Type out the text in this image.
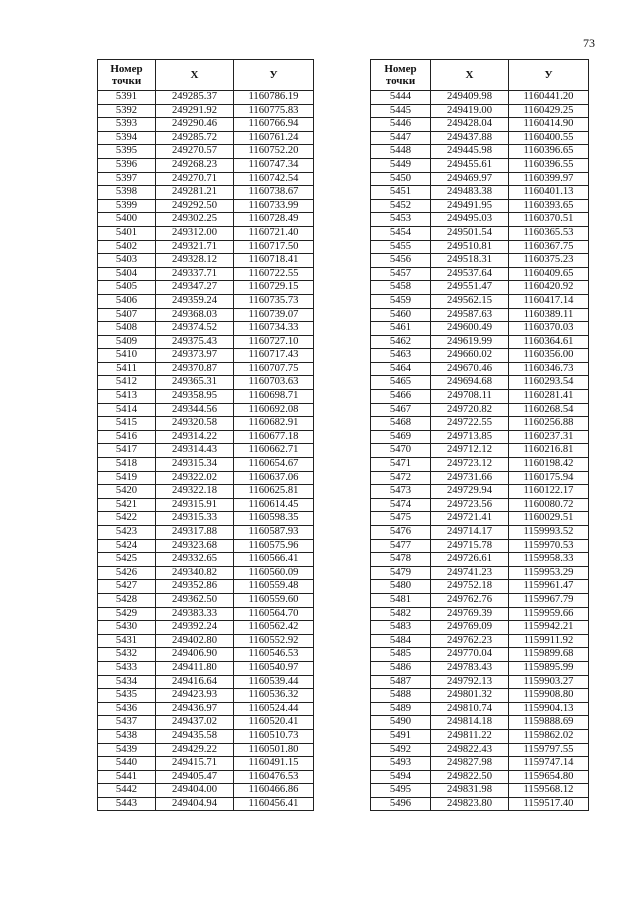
73
Номер
точки	Х	У
5391	249285.37	1160786.19
5392	249291.92	1160775.83
5393	249290.46	1160766.94
5394	249285.72	1160761.24
5395	249270.57	1160752.20
5396	249268.23	1160747.34
5397	249270.71	1160742.54
5398	249281.21	1160738.67
5399	249292.50	1160733.99
5400	249302.25	1160728.49
5401	249312.00	1160721.40
5402	249321.71	1160717.50
5403	249328.12	1160718.41
5404	249337.71	1160722.55
5405	249347.27	1160729.15
5406	249359.24	1160735.73
5407	249368.03	1160739.07
5408	249374.52	1160734.33
5409	249375.43	1160727.10
5410	249373.97	1160717.43
5411	249370.87	1160707.75
5412	249365.31	1160703.63
5413	249358.95	1160698.71
5414	249344.56	1160692.08
5415	249320.58	1160682.91
5416	249314.22	1160677.18
5417	249314.43	1160662.71
5418	249315.34	1160654.67
5419	249322.02	1160637.06
5420	249322.18	1160625.81
5421	249315.91	1160614.45
5422	249315.33	1160598.35
5423	249317.88	1160587.93
5424	249323.68	1160575.96
5425	249332.65	1160566.41
5426	249340.82	1160560.09
5427	249352.86	1160559.48
5428	249362.50	1160559.60
5429	249383.33	1160564.70
5430	249392.24	1160562.42
5431	249402.80	1160552.92
5432	249406.90	1160546.53
5433	249411.80	1160540.97
5434	249416.64	1160539.44
5435	249423.93	1160536.32
5436	249436.97	1160524.44
5437	249437.02	1160520.41
5438	249435.58	1160510.73
5439	249429.22	1160501.80
5440	249415.71	1160491.15
5441	249405.47	1160476.53
5442	249404.00	1160466.86
5443	249404.94	1160456.41
Номер
точки	Х	У
5444	249409.98	1160441.20
5445	249419.00	1160429.25
5446	249428.04	1160414.90
5447	249437.88	1160400.55
5448	249445.98	1160396.65
5449	249455.61	1160396.55
5450	249469.97	1160399.97
5451	249483.38	1160401.13
5452	249491.95	1160393.65
5453	249495.03	1160370.51
5454	249501.54	1160365.53
5455	249510.81	1160367.75
5456	249518.31	1160375.23
5457	249537.64	1160409.65
5458	249551.47	1160420.92
5459	249562.15	1160417.14
5460	249587.63	1160389.11
5461	249600.49	1160370.03
5462	249619.99	1160364.61
5463	249660.02	1160356.00
5464	249670.46	1160346.73
5465	249694.68	1160293.54
5466	249708.11	1160281.41
5467	249720.82	1160268.54
5468	249722.55	1160256.88
5469	249713.85	1160237.31
5470	249712.12	1160216.81
5471	249723.12	1160198.42
5472	249731.66	1160175.94
5473	249729.94	1160122.17
5474	249723.56	1160080.72
5475	249721.41	1160029.51
5476	249714.17	1159993.52
5477	249715.78	1159970.53
5478	249726.61	1159958.33
5479	249741.23	1159953.29
5480	249752.18	1159961.47
5481	249762.76	1159967.79
5482	249769.39	1159959.66
5483	249769.09	1159942.21
5484	249762.23	1159911.92
5485	249770.04	1159899.68
5486	249783.43	1159895.99
5487	249792.13	1159903.27
5488	249801.32	1159908.80
5489	249810.74	1159904.13
5490	249814.18	1159888.69
5491	249811.22	1159862.02
5492	249822.43	1159797.55
5493	249827.98	1159747.14
5494	249822.50	1159654.80
5495	249831.98	1159568.12
5496	249823.80	1159517.40
